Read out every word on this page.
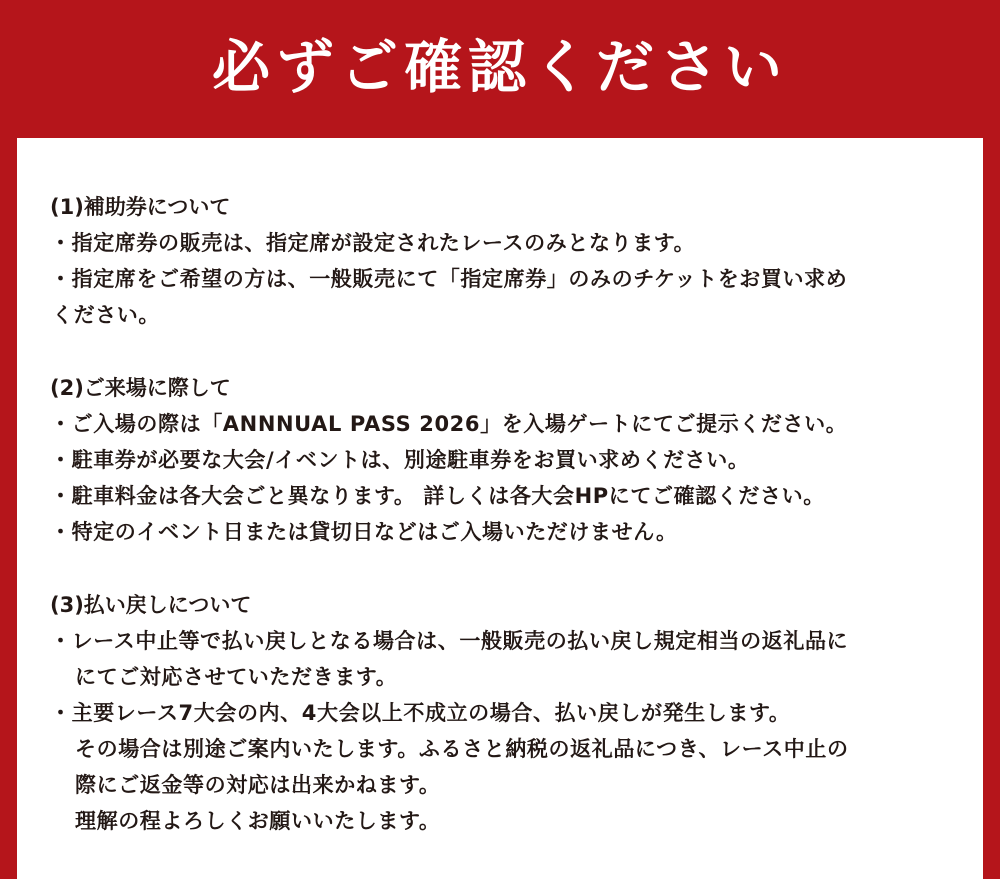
必ずご確認ください
(1)補助券について
・指定席券の販売は、指定席が設定されたレースのみとなります。
・指定席をご希望の方は、一般販売にて「指定席券」のみのチケットをお買い求め
ください。
(2)ご来場に際して
・ご入場の際は「ANNNUAL PASS 2026」を入場ゲートにてご提示ください。
・駐車券が必要な大会/イベントは、別途駐車券をお買い求めください。
・駐車料金は各大会ごと異なります。 詳しくは各大会HPにてご確認ください。
・特定のイベント日または貸切日などはご入場いただけません。
(3)払い戻しについて
・レース中止等で払い戻しとなる場合は、一般販売の払い戻し規定相当の返礼品に
にてご対応させていただきます。
・主要レース7大会の内、4大会以上不成立の場合、払い戻しが発生します。
その場合は別途ご案内いたします。ふるさと納税の返礼品につき、レース中止の
際にご返金等の対応は出来かねます。
理解の程よろしくお願いいたします。
